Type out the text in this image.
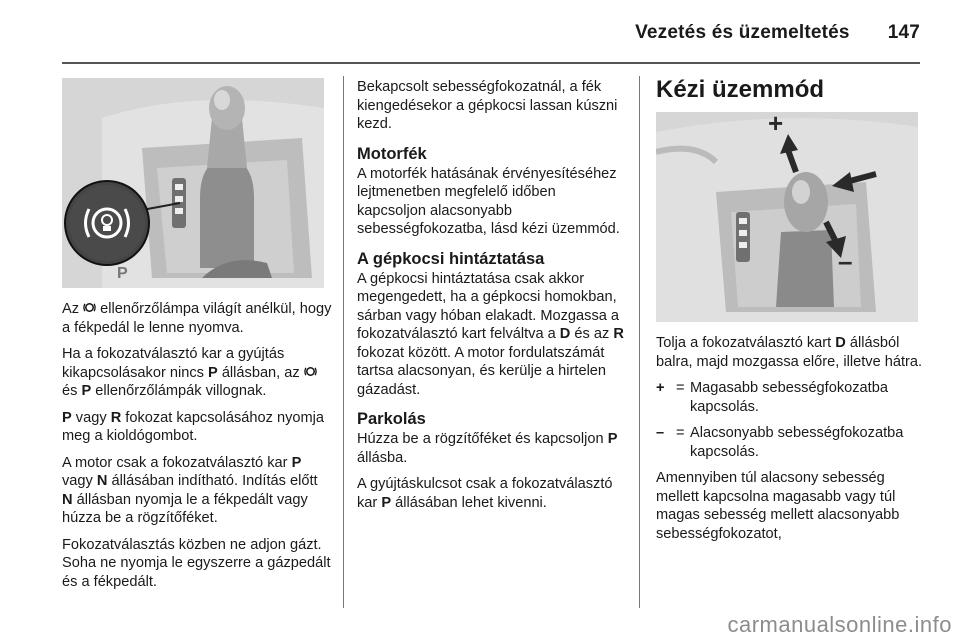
Vezetés és üzemeltetés 147
P

Az ellenőrzőlámpa világít anélkül, hogy a fékpedál le lenne nyomva.

Ha a fokozatválasztó kar a gyújtás kikapcsolásakor nincs P állásban, az  és P ellenőrzőlámpák villognak.

P vagy R fokozat kapcsolásához nyomja meg a kioldógombot.

A motor csak a fokozatválasztó kar P vagy N állásában indítható. Indítás előtt N állásban nyomja le a fékpedált vagy húzza be a rögzítőféket.

Fokozatválasztás közben ne adjon gázt. Soha ne nyomja le egyszerre a gázpedált és a fékpedált.

Bekapcsolt sebességfokozatnál, a fék kiengedésekor a gépkocsi lassan kúszni kezd.

Motorfék

A motorfék hatásának érvényesítéséhez lejtmenetben megfelelő időben kapcsoljon alacsonyabb sebességfokozatba, lásd kézi üzemmód.

A gépkocsi hintáztatása

A gépkocsi hintáztatása csak akkor megengedett, ha a gépkocsi homokban, sárban vagy hóban elakadt. Mozgassa a fokozatválasztó kart felváltva a D és az R fokozat között. A motor fordulatszámát tartsa alacsonyan, és kerülje a hirtelen gázadást.

Parkolás

Húzza be a rögzítőféket és kapcsoljon P állásba.

A gyújtáskulcsot csak a fokozatválasztó kar P állásában lehet kivenni.

Kézi üzemmód
+
–

Tolja a fokozatválasztó kart D állásból balra, majd mozgassa előre, illetve hátra.

+ = Magasabb sebességfokozatba kapcsolás.
– = Alacsonyabb sebességfokozatba kapcsolás.

Amennyiben túl alacsony sebesség mellett kapcsolna magasabb vagy túl magas sebesség mellett alacsonyabb sebességfokozatot,

carmanualsonline.info
